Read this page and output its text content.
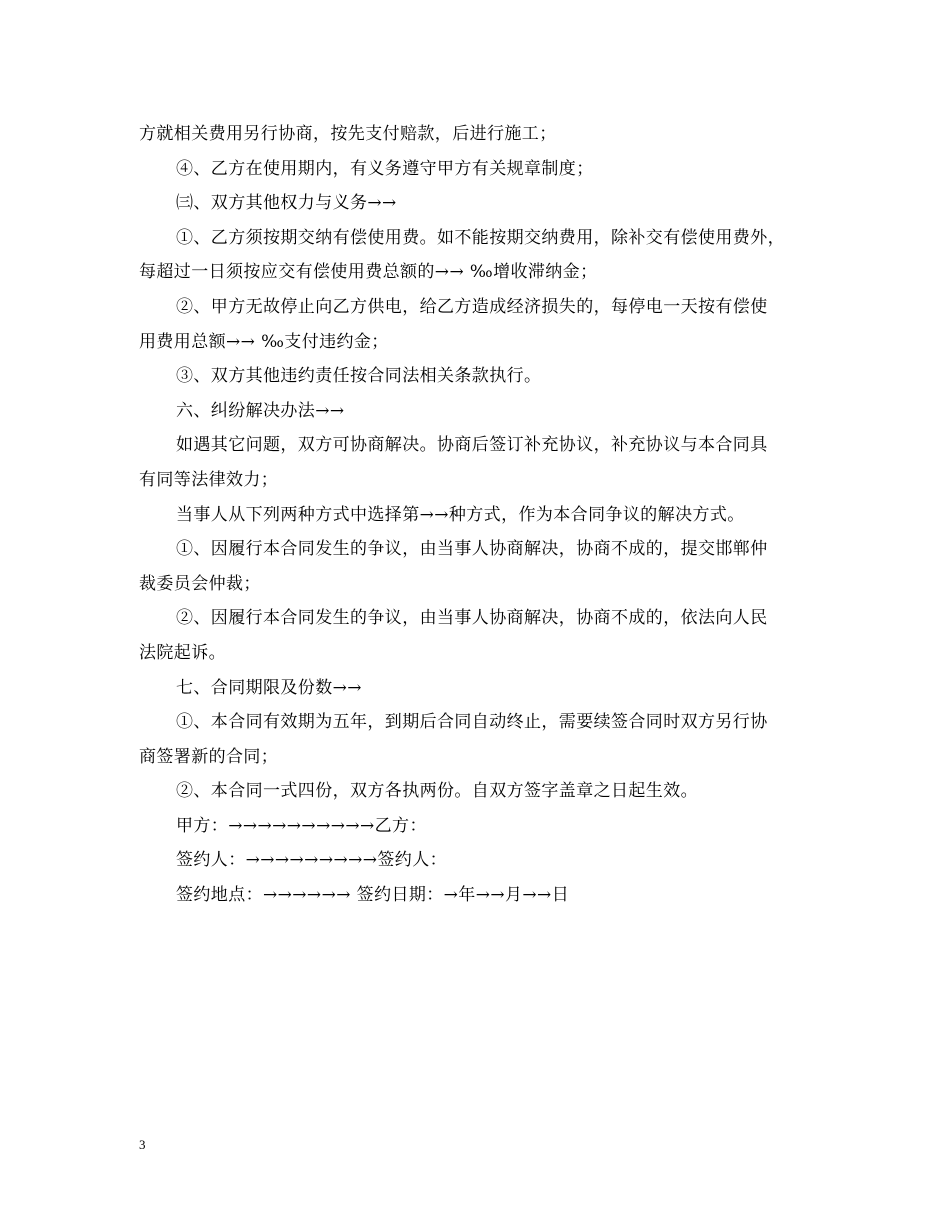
方就相关费用另行协商，按先支付赔款，后进行施工；
④、乙方在使用期内，有义务遵守甲方有关规章制度；
㈢、双方其他权力与义务→→
①、乙方须按期交纳有偿使用费。如不能按期交纳费用，除补交有偿使用费外，
每超过一日须按应交有偿使用费总额的→→ ‰增收滞纳金；
②、甲方无故停止向乙方供电，给乙方造成经济损失的，每停电一天按有偿使
用费用总额→→ ‰支付违约金；
③、双方其他违约责任按合同法相关条款执行。
六、纠纷解决办法→→
如遇其它问题，双方可协商解决。协商后签订补充协议，补充协议与本合同具
有同等法律效力；
当事人从下列两种方式中选择第→→种方式，作为本合同争议的解决方式。
①、因履行本合同发生的争议，由当事人协商解决，协商不成的，提交邯郸仲
裁委员会仲裁；
②、因履行本合同发生的争议，由当事人协商解决，协商不成的，依法向人民
法院起诉。
七、合同期限及份数→→
①、本合同有效期为五年，到期后合同自动终止，需要续签合同时双方另行协
商签署新的合同；
②、本合同一式四份，双方各执两份。自双方签字盖章之日起生效。
甲方：→→→→→→→→→→乙方：
签约人：→→→→→→→→→签约人：
签约地点：→→→→→→ 签约日期：→年→→月→→日
3
